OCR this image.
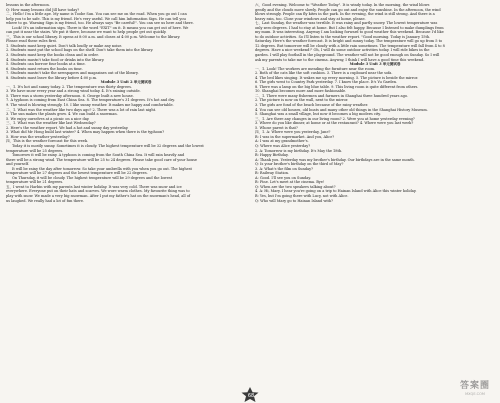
lessons in the afternoon.
Q: How many lessons did Jill have today?
二、Hello! I'm a little ape. My name is Toobe Sun. You can see me on the road. When you go out I can
help you to be safe. This is my friend. He's very useful. We call him Information Sign. He can tell you
where to go. Warning Sign is my friend, too. He always says "Be careful!". You can see us here and there.
Look! It's an information sign. There is the word "EXIT" on it. It means you can get out of here. We
can put it near the stairs. We put it there, because we want to help people get out quickly.
三、This is our school library. It opens at 8:00 a.m. and closes at 4:00 p.m. Welcome to the library.
Please read these rules first.
1. Students must keep quiet. Don't talk loudly or make any noise.
2. Students must put the school bags on the shelf. Don't take them into the library.
3. Students must keep the books clean and in order.
4. Students mustn't take food or drinks into the library.
5. Students can borrow four books at a time.
6. Students must return the books on time.
7. Students mustn't take the newspapers and magazines out of the library.
8. Students must leave the library before 4:00 p.m.
Module 3 Unit 2 单元测试卷
一、1. It's hot and sunny today. 2. The temperature was thirty degrees.
3. We have snow every year and a strong wind today. 4. It's raining outside.
5. There was a storm yesterday afternoon. 6. George built a new house.
7. A typhoon is coming from East China Sea. 8. The temperature's 31 degrees. It's hot and dry.
9. The wind is blowing strongly. 10. I like sunny weather. It makes me happy and comfortable.
二、1. What was the weather like two days ago? 2. There was a lot of rain last night.
3. The sun makes the plants grow. 4. We can build a snowman.
5. We enjoy ourselves at a picnic on a nice day.
三、1. What was the weather like last Wednesday?
2. Here's the weather report. We had a hot and sunny day yesterday.
3. What did Mr Hong build last winter? 4. When may happen when there is the typhoon?
5. How was the weather yesterday?
四、This is the weather forecast for this week.
Today it is mostly sunny. Sometimes it is cloudy. The highest temperature will be 32 degrees and the lowest
temperature will be 25 degrees.
Tomorrow it will be rainy. A typhoon is coming from the South China Sea. It will rain heavily and
there will be a strong wind. The temperature will be 25 to 24 degrees. Please take good care of your house
and yourself.
It will be rainy the day after tomorrow. So take your umbrella with you when you go out. The highest
temperature will be 27 degrees and the lowest temperature will be 22 degrees.
On Thursday, it will be cloudy. The highest temperature will be 29 degrees and the lowest
temperature will be 21 degrees.
五、I went to Harbin with my parents last winter holiday. It was very cold. There was snow and ice
everywhere. Everyone put on their hats and scarves. We wore warm clothes. My favourite thing was to
play with snow. We made a very big snowman. After I put my father's hat on the snowman's head, all of
us laughed. We really had a lot of fun there.
六、Good evening. Welcome to "Weather Today". It is windy today. In the morning, the wind blows
gently and the clouds move slowly. People can go out and enjoy the sunshine. In the afternoon, the wind
blows strongly. People can fly kites in the park. In the evening, the wind is still strong. And there is a
heavy rain, too. Close your windows and stay at home, please.
七、Last Sunday, the weather was terrible. It was rainy and partly snowy. The lowest temperature was
only zero degrees. I had to stay at home. But I also felt happy. Because I listened to make dumplings from
my mum. It was interesting. Anyway I am looking forward to good weather this weekend. Because I'd like
to do outdoor activities. So I'll listen to the weather report. "Good morning. Today is January 15th.
Saturday. Here's the weather forecast. It is bright and sunny today. The temperature will go up from 5 to
12 degrees. But tomorrow will be cloudy with a little rain sometimes. The temperature will fall from 4 to 8
degrees. Have a nice weekend!" Oh, I will do some outdoor activities today. I will ride bikes in the
garden. I will play football in the playground. The weather will not be good enough on Sunday. So I will
ask my parents to take me to the cinema. Anyway, I think I will have a good time this weekend.
Module 3 Unit 3 单元测试卷
一、1. Look! The workers are mending the furniture near the room.
2. Both of the cats like the soft cushion. 3. There is a cupboard near the sofa.
4. The bed likes singing. It wakes me up every morning. 5. The picture is beside the mirror.
6. The girls went to Country Park yesterday. 7. I know the place. It's Yu Garden.
8. There was a lamp on the big blue table. 9. This living room is quite different from others.
10. Shanghai becomes more and more fashionable.
二、1. There were many fishermen and farmers in Shanghai three hundred years ago.
2. The picture is now on the wall, next to the mirror.
3. The girls are fond of the beach because of the rainy weather.
4. You can see old houses, old boats and many other old things in the Shanghai History Museum.
5. Shanghai was a small village, but now it becomes a big modern city.
三、1. Are there any changes in our living room? 2. Were you at home yesterday evening?
3. Where do you like dinner, at home or at the restaurant? 4. Where were you last week?
5. Whose parrot is that?
四、1. A: Where were you yesterday, Jane?
B: I was in the supermarket. And you, Alice?
A: I was at my grandmother's.
Q: Where was Alice yesterday?
2. A: Tomorrow is my birthday. It's May the 18th.
B: Happy Birthday.
A: Thank you. Yesterday was my brother's birthday. Our birthdays are in the same month.
Q: Is your brother's birthday on the third of May?
3. A: What's the film on Sunday?
B: Railway Station.
A: Good. I'll see you on Sunday.
B: Fine. Let's meet at the cinema. Bye!
Q: When are the two speakers talking about?
4. A: Hi, Mary. I hear you're going on a trip to Hainan Island with Alice this winter holiday.
B: Yes, but I'm going there with Lucy, not with Alice.
Q: Who will Mary go to Hainan Island with?
68
答案圈
MXQE.COM
